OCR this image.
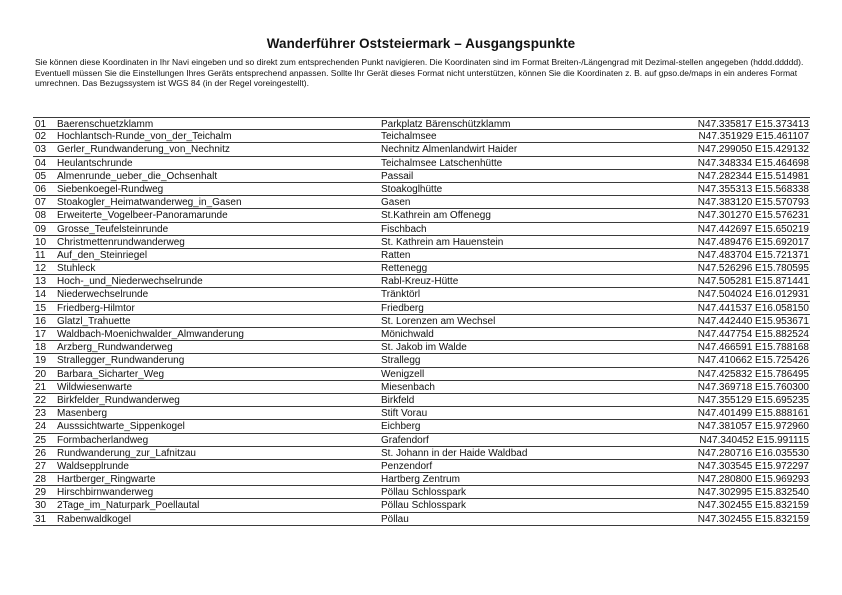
Wanderführer Oststeiermark – Ausgangspunkte

Sie können diese Koordinaten in Ihr Navi eingeben und so direkt zum entsprechenden Punkt navigieren. Die Koordinaten sind im Format Breiten-/Längengrad mit Dezimal-stellen angegeben (hddd.ddddd).

Eventuell müssen Sie die Einstellungen Ihres Geräts entsprechend anpassen. Sollte Ihr Gerät dieses Format nicht unterstützen, können Sie die Koordinaten z. B. auf gpso.de/maps in ein anderes Format umrechnen. Das Bezugssystem ist WGS 84 (in der Regel voreingestellt).

01	Baerenschuetzklamm	Parkplatz Bärenschützklamm	N47.335817 E15.373413
02	Hochlantsch-Runde_von_der_Teichalm	Teichalmsee	N47.351929 E15.461107
03	Gerler_Rundwanderung_von_Nechnitz	Nechnitz Almenlandwirt Haider	N47.299050 E15.429132
04	Heulantschrunde	Teichalmsee Latschenhütte	N47.348334 E15.464698
05	Almenrunde_ueber_die_Ochsenhalt	Passail	N47.282344 E15.514981
06	Siebenkoegel-Rundweg	Stoakoglhütte	N47.355313 E15.568338
07	Stoakogler_Heimatwanderweg_in_Gasen	Gasen	N47.383120 E15.570793
08	Erweiterte_Vogelbeer-Panoramarunde	St.Kathrein am Offenegg	N47.301270 E15.576231
09	Grosse_Teufelsteinrunde	Fischbach	N47.442697 E15.650219
10	Christmettenrundwanderweg	St. Kathrein am Hauenstein	N47.489476 E15.692017
11	Auf_den_Steinriegel	Ratten	N47.483704 E15.721371
12	Stuhleck	Rettenegg	N47.526296 E15.780595
13	Hoch-_und_Niederwechselrunde	Rabl-Kreuz-Hütte	N47.505281 E15.871441
14	Niederwechselrunde	Tränktörl	N47.504024 E16.012931
15	Friedberg-Hilmtor	Friedberg	N47.441537 E16.058150
16	Glatzl_Trahuette	St. Lorenzen am Wechsel	N47.442440 E15.953671
17	Waldbach-Moenichwalder_Almwanderung	Mönichwald	N47.447754 E15.882524
18	Arzberg_Rundwanderweg	St. Jakob im Walde	N47.466591 E15.788168
19	Strallegger_Rundwanderung	Strallegg	N47.410662 E15.725426
20	Barbara_Sicharter_Weg	Wenigzell	N47.425832 E15.786495
21	Wildwiesenwarte	Miesenbach	N47.369718 E15.760300
22	Birkfelder_Rundwanderweg	Birkfeld	N47.355129 E15.695235
23	Masenberg	Stift Vorau	N47.401499 E15.888161
24	Ausssichtwarte_Sippenkogel	Eichberg	N47.381057 E15.972960
25	Formbacherlandweg	Grafendorf	N47.340452 E15.991115
26	Rundwanderung_zur_Lafnitzau	St. Johann in der Haide Waldbad	N47.280716 E16.035530
27	Waldsepplrunde	Penzendorf	N47.303545 E15.972297
28	Hartberger_Ringwarte	Hartberg Zentrum	N47.280800 E15.969293
29	Hirschbirnwanderweg	Pöllau Schlosspark	N47.302995 E15.832540
30	2Tage_im_Naturpark_Poellautal	Pöllau Schlosspark	N47.302455 E15.832159
31	Rabenwaldkogel	Pöllau	N47.302455 E15.832159
